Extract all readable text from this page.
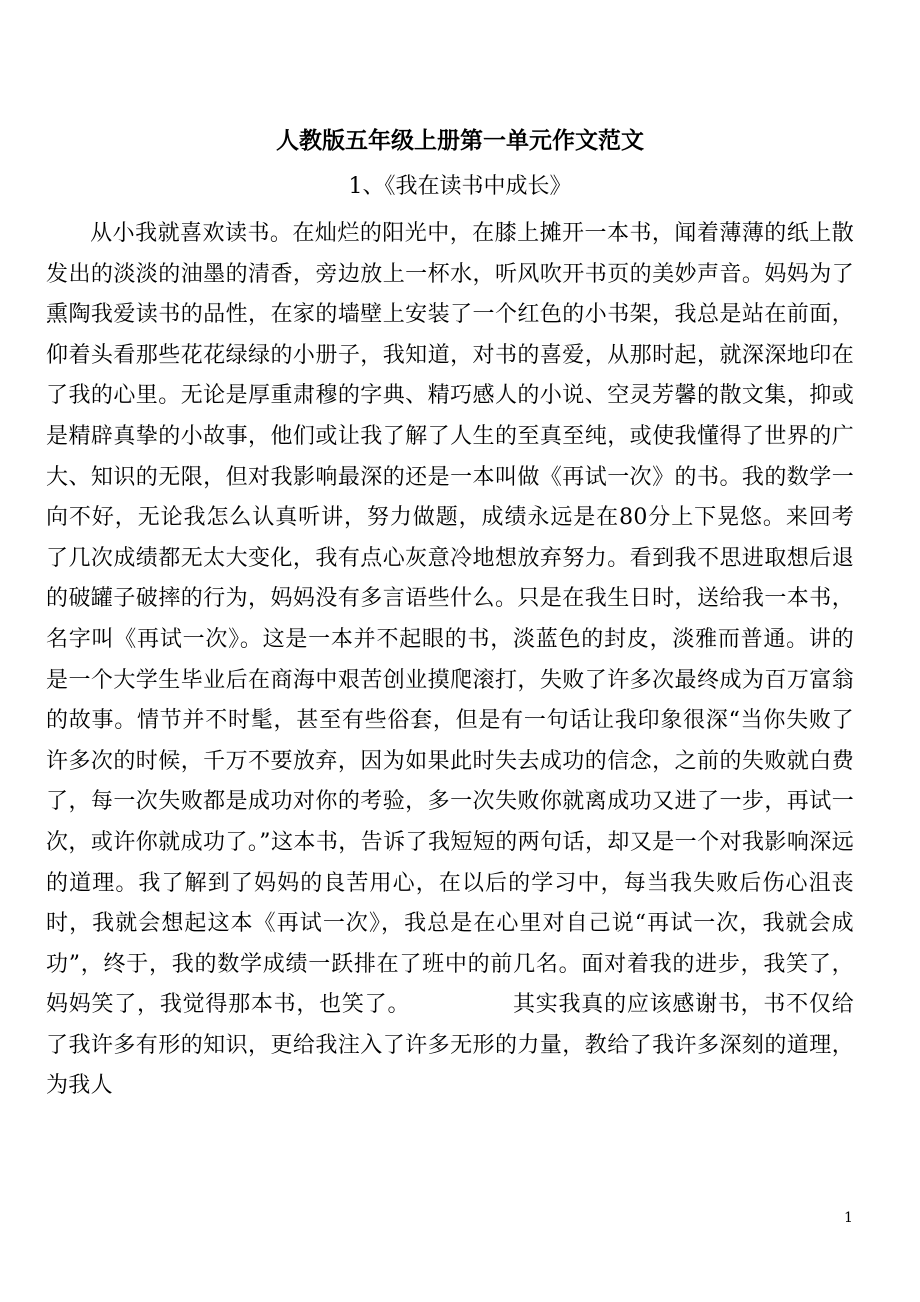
人教版五年级上册第一单元作文范文
1、《我在读书中成长》

从小我就喜欢读书。在灿烂的阳光中，在膝上摊开一本书，闻着薄薄的纸上散发出的淡淡的油墨的清香，旁边放上一杯水，听风吹开书页的美妙声音。妈妈为了熏陶我爱读书的品性，在家的墙壁上安装了一个红色的小书架，我总是站在前面，仰着头看那些花花绿绿的小册子，我知道，对书的喜爱，从那时起，就深深地印在了我的心里。无论是厚重肃穆的字典、精巧感人的小说、空灵芳馨的散文集，抑或是精辟真挚的小故事，他们或让我了解了人生的至真至纯，或使我懂得了世界的广大、知识的无限，但对我影响最深的还是一本叫做《再试一次》的书。我的数学一向不好，无论我怎么认真听讲，努力做题，成绩永远是在80分上下晃悠。来回考了几次成绩都无太大变化，我有点心灰意冷地想放弃努力。看到我不思进取想后退的破罐子破摔的行为，妈妈没有多言语些什么。只是在我生日时，送给我一本书，名字叫《再试一次》。这是一本并不起眼的书，淡蓝色的封皮，淡雅而普通。讲的是一个大学生毕业后在商海中艰苦创业摸爬滚打，失败了许多次最终成为百万富翁的故事。情节并不时髦，甚至有些俗套，但是有一句话让我印象很深“当你失败了许多次的时候，千万不要放弃，因为如果此时失去成功的信念，之前的失败就白费了，每一次失败都是成功对你的考验，多一次失败你就离成功又进了一步，再试一次，或许你就成功了。”这本书，告诉了我短短的两句话，却又是一个对我影响深远的道理。我了解到了妈妈的良苦用心，在以后的学习中，每当我失败后伤心沮丧时，我就会想起这本《再试一次》，我总是在心里对自己说“再试一次，我就会成功”，终于，我的数学成绩一跃排在了班中的前几名。面对着我的进步，我笑了，妈妈笑了，我觉得那本书，也笑了。　　　　　其实我真的应该感谢书，书不仅给了我许多有形的知识，更给我注入了许多无形的力量，教给了我许多深刻的道理，为我人

1
